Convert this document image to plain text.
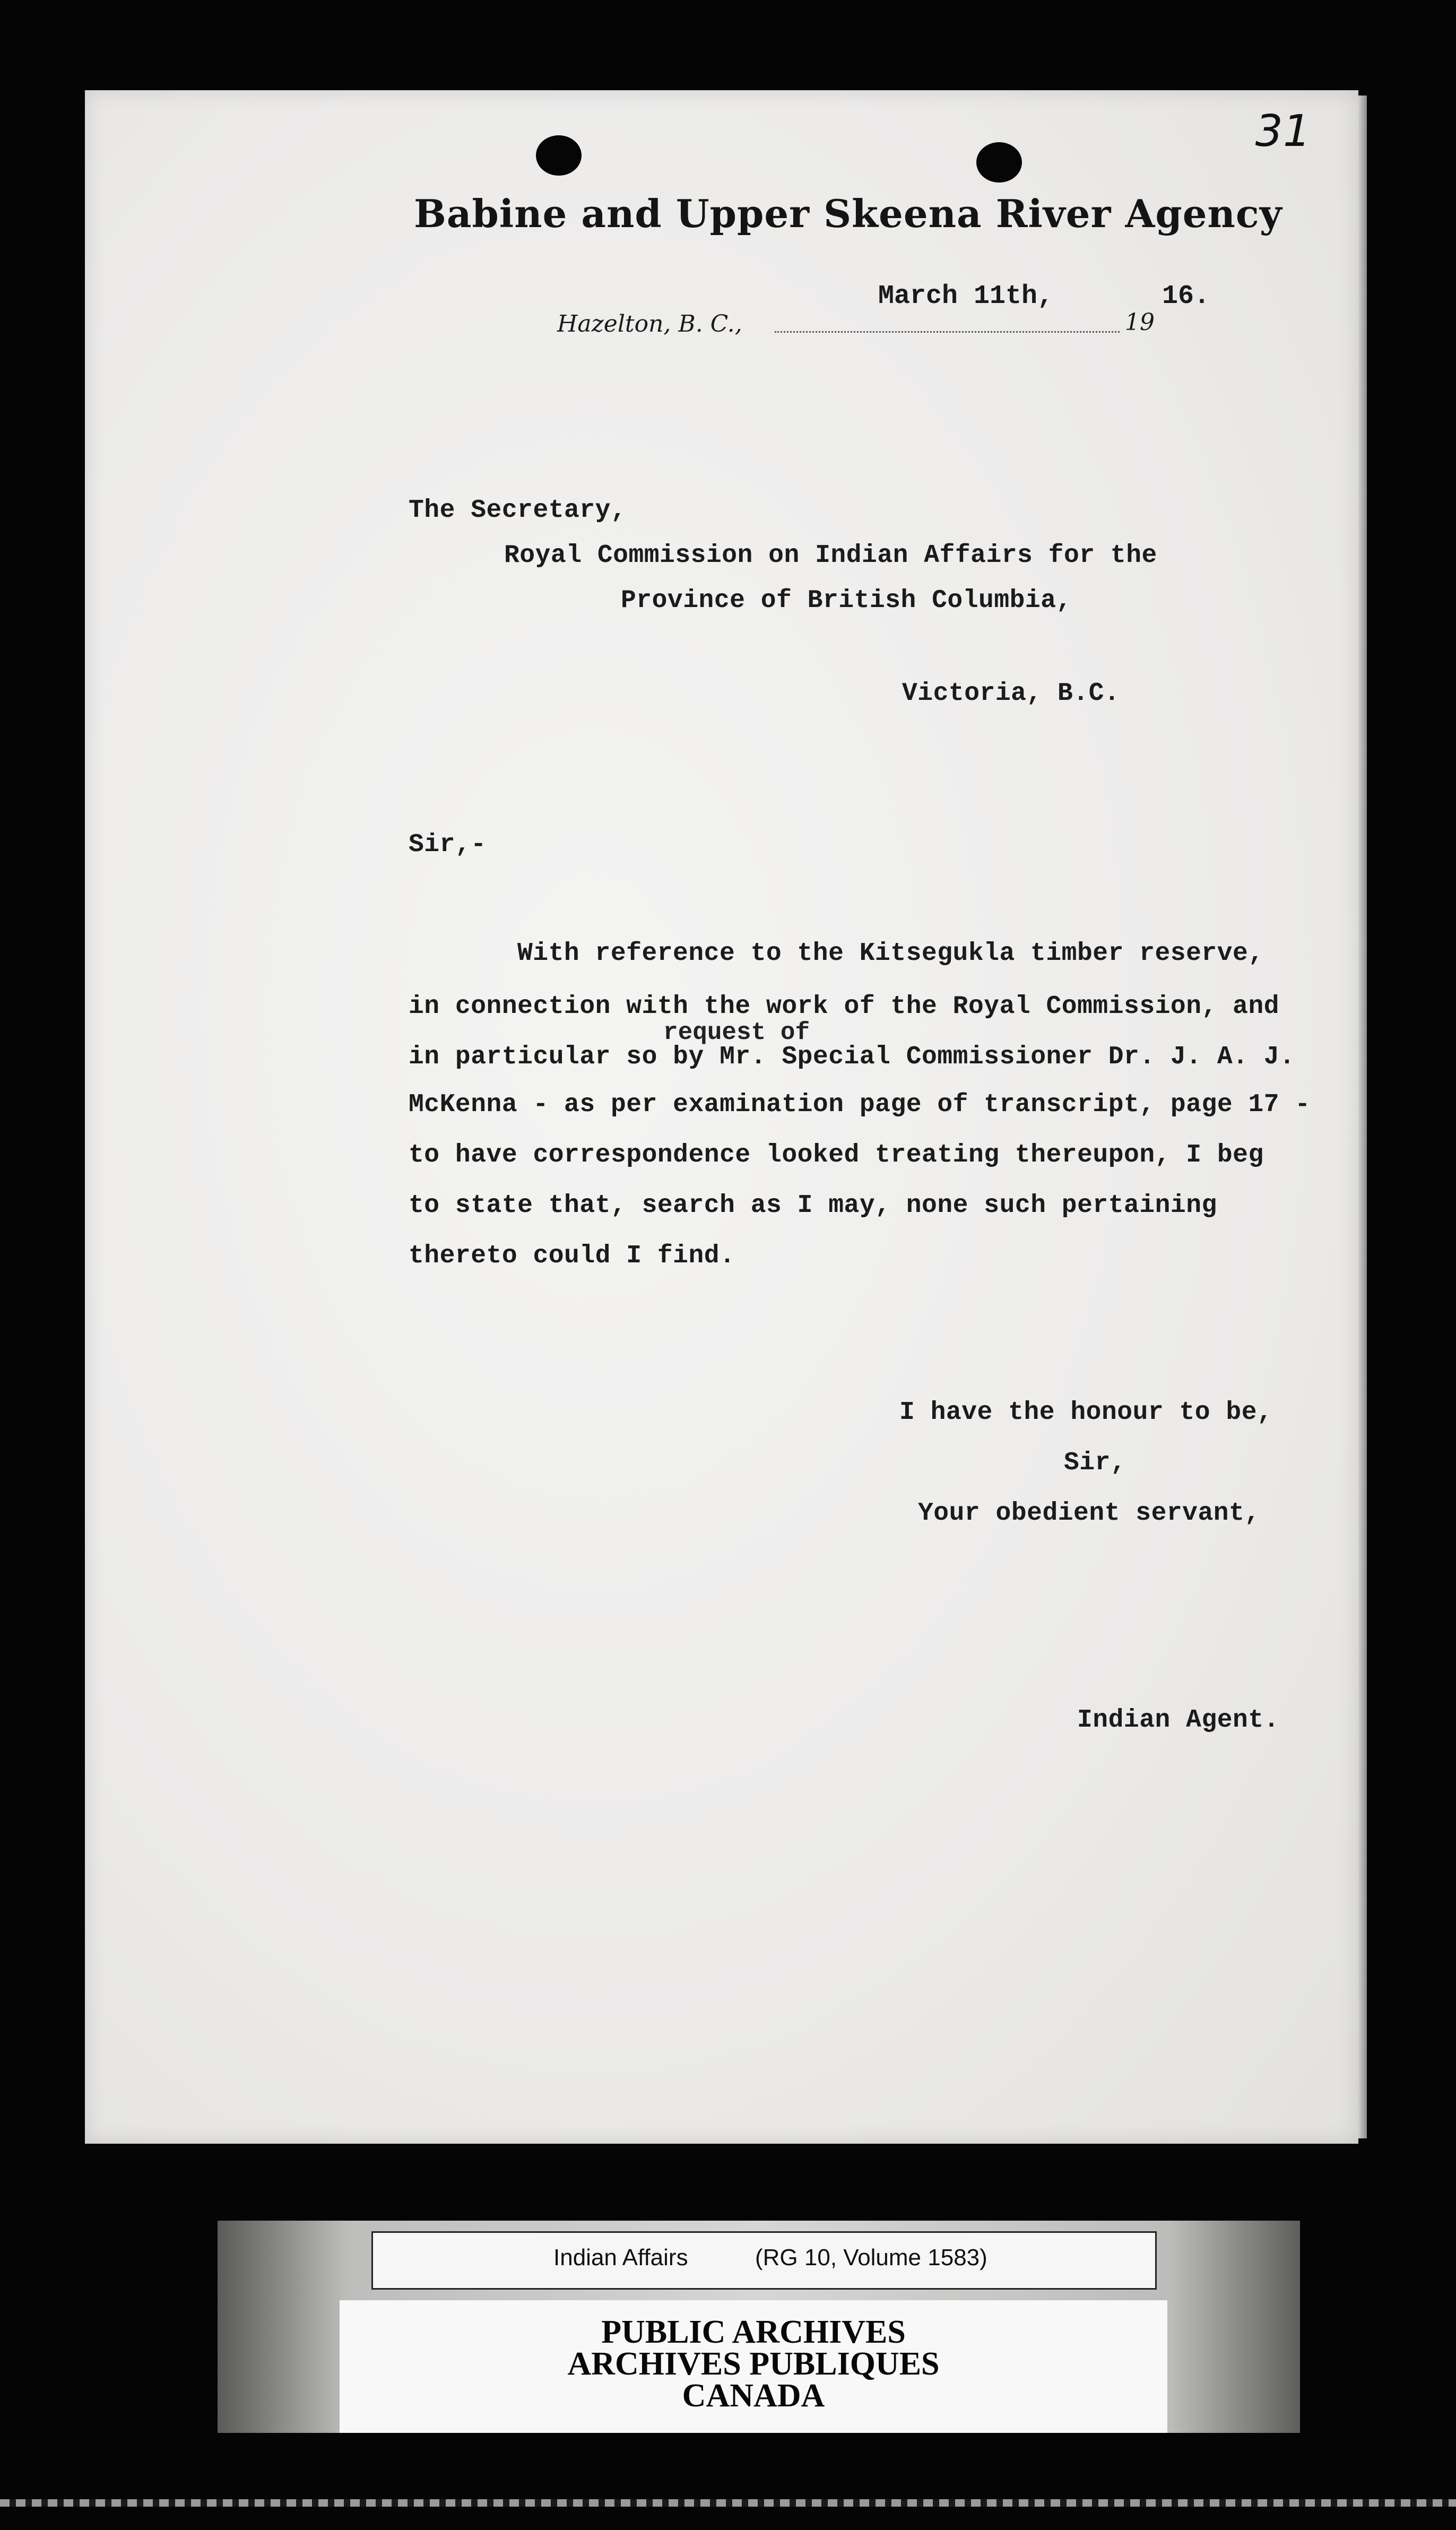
31

Babine and Upper Skeena River Agency

Hazelton, B. C.,
March 11th,
19
16.

The Secretary,

Royal Commission on Indian Affairs for the

Province of British Columbia,

Victoria, B.C.

Sir,-

With reference to the Kitsegukla timber reserve,

in connection with the work of the Royal Commission, and

request of

in particular so by Mr. Special Commissioner Dr. J. A. J.

McKenna - as per examination page of transcript, page 17 -

to have correspondence looked treating thereupon, I beg

to state that, search as I may, none such pertaining

thereto could I find.

I have the honour to be,

Sir,

Your obedient servant,

Indian Agent.

Indian Affairs	(RG 10, Volume 1583)

PUBLIC ARCHIVES

ARCHIVES PUBLIQUES

CANADA
